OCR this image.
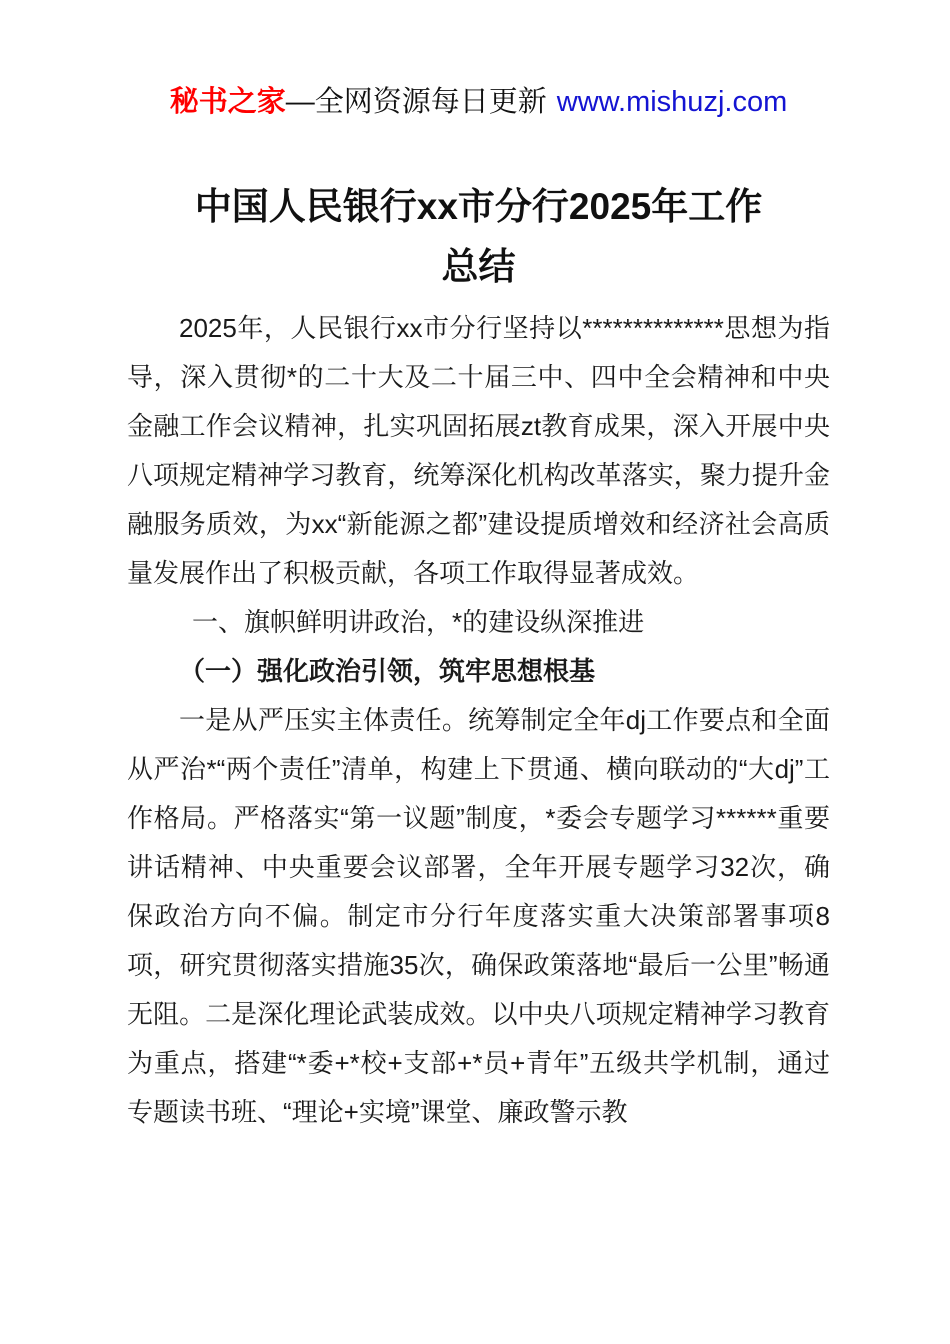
秘书之家—全网资源每日更新 www.mishuzj.com
中国人民银行xx市分行2025年工作总结

2025年，人民银行xx市分行坚持以**************思想为指导，深入贯彻*的二十大及二十届三中、四中全会精神和中央金融工作会议精神，扎实巩固拓展zt教育成果，深入开展中央八项规定精神学习教育，统筹深化机构改革落实，聚力提升金融服务质效，为xx“新能源之都”建设提质增效和经济社会高质量发展作出了积极贡献，各项工作取得显著成效。

一、旗帜鲜明讲政治，*的建设纵深推进

（一）强化政治引领，筑牢思想根基

一是从严压实主体责任。统筹制定全年dj工作要点和全面从严治*“两个责任”清单，构建上下贯通、横向联动的“大dj”工作格局。严格落实“第一议题”制度，*委会专题学习******重要讲话精神、中央重要会议部署，全年开展专题学习32次，确保政治方向不偏。制定市分行年度落实重大决策部署事项8项，研究贯彻落实措施35次，确保政策落地“最后一公里”畅通无阻。二是深化理论武装成效。以中央八项规定精神学习教育为重点，搭建“*委+*校+支部+*员+青年”五级共学机制，通过专题读书班、“理论+实境”课堂、廉政警示教
